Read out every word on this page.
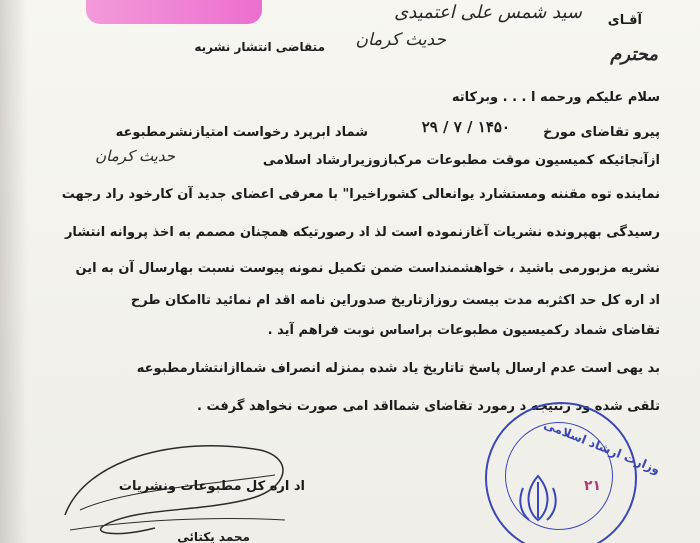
آقـای
سید شمس علی اعتمیدی
متقاضی انتشار نشریه حدیث کرمان
محترم
سلام علیکم ورحمه ا . . . وبرکاته
پیرو تقاضای مورخ
۱۴۵۰ / ۷ / ۲۹
شماد ابرپرد رخواست امتیازنشرمطبوعه
حدیث کرمان	ازآنجائیکه کمیسیون موقت مطبوعات مرکبازوزیرارشاد اسلامی
نماینده توه مقننه ومستشارد یوانعالی کشوراخیرا" با معرفی اعضای جدید آن کارخود راد رجهت
رسیدگی بهپرونده نشریات آغازنموده است لذ اد رصورتیکه همچنان مصمم به اخذ پروانه انتشار
نشریه مزبورمی باشید ، خواهشمنداست ضمن تکمیل نمونه پیوست نسبت بهارسال آن به این
اد اره کل حد اکثربه مدت بیست روزازتاریخ صدوراین نامه اقد ام نمائید تاامکان طرح
تقاضای شماد رکمیسیون مطبوعات براساس نوبت فراهم آید .
بد یهی است عدم ارسال پاسخ تاتاریخ یاد شده بمنزله انصراف شماازانتشارمطبوعه
تلقی شده ود رنتیجه د رمورد تقاضای شمااقد امی صورت نخواهد گرفت .
اد اره کل مطبوعات ونشریات
محمد یکتائی
وزارت ارشاد اسلامی
۲۱
